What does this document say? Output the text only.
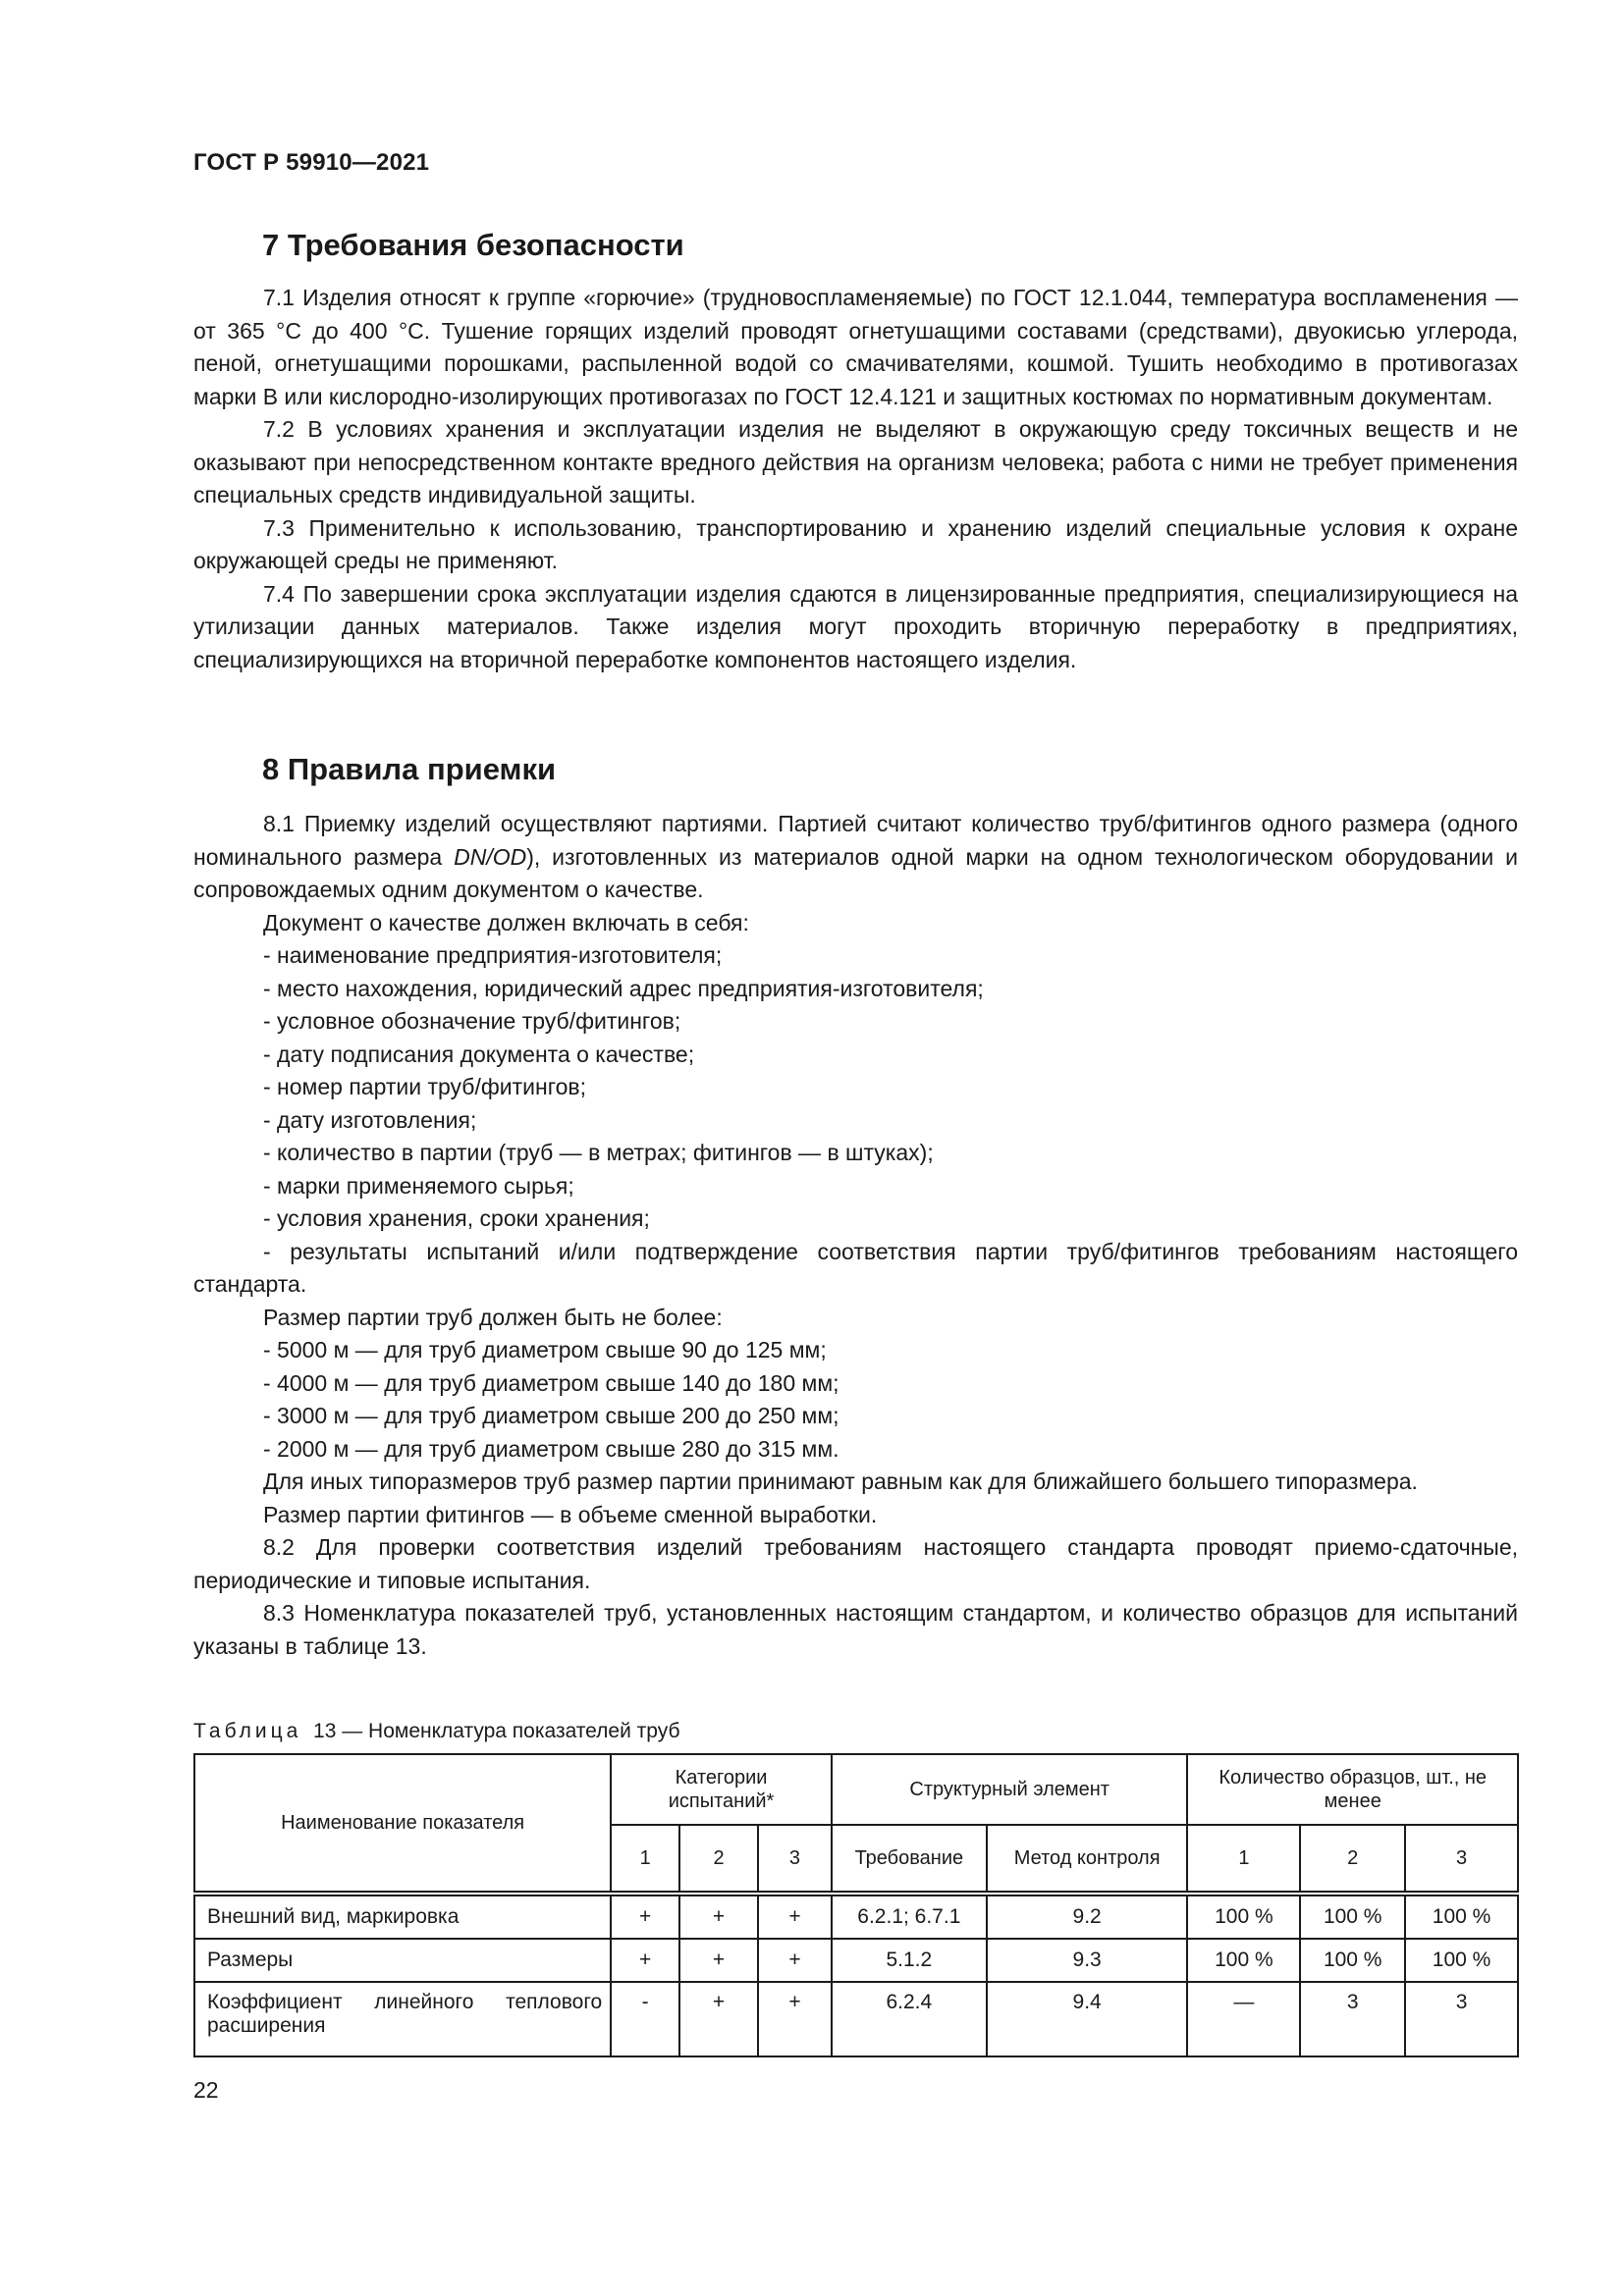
ГОСТ Р 59910—2021
7 Требования безопасности

7.1 Изделия относят к группе «горючие» (трудновоспламеняемые) по ГОСТ 12.1.044, температура воспламенения — от 365 °С до 400 °С. Тушение горящих изделий проводят огнетушащими составами (средствами), двуокисью углерода, пеной, огнетушащими порошками, распыленной водой со смачивателями, кошмой. Тушить необходимо в противогазах марки В или кислородно-изолирующих противогазах по ГОСТ 12.4.121 и защитных костюмах по нормативным документам.

7.2 В условиях хранения и эксплуатации изделия не выделяют в окружающую среду токсичных веществ и не оказывают при непосредственном контакте вредного действия на организм человека; работа с ними не требует применения специальных средств индивидуальной защиты.

7.3 Применительно к использованию, транспортированию и хранению изделий специальные условия к охране окружающей среды не применяют.

7.4 По завершении срока эксплуатации изделия сдаются в лицензированные предприятия, специализирующиеся на утилизации данных материалов. Также изделия могут проходить вторичную переработку в предприятиях, специализирующихся на вторичной переработке компонентов настоящего изделия.

8 Правила приемки

8.1 Приемку изделий осуществляют партиями. Партией считают количество труб/фитингов одного размера (одного номинального размера DN/OD), изготовленных из материалов одной марки на одном технологическом оборудовании и сопровождаемых одним документом о качестве.

Документ о качестве должен включать в себя:

- наименование предприятия-изготовителя;

- место нахождения, юридический адрес предприятия-изготовителя;

- условное обозначение труб/фитингов;

- дату подписания документа о качестве;

- номер партии труб/фитингов;

- дату изготовления;

- количество в партии (труб — в метрах; фитингов — в штуках);

- марки применяемого сырья;

- условия хранения, сроки хранения;

- результаты испытаний и/или подтверждение соответствия партии труб/фитингов требованиям настоящего стандарта.

Размер партии труб должен быть не более:

- 5000 м — для труб диаметром свыше 90 до 125 мм;

- 4000 м — для труб диаметром свыше 140 до 180 мм;

- 3000 м — для труб диаметром свыше 200 до 250 мм;

- 2000 м — для труб диаметром свыше 280 до 315 мм.

Для иных типоразмеров труб размер партии принимают равным как для ближайшего большего типоразмера.

Размер партии фитингов — в объеме сменной выработки.

8.2 Для проверки соответствия изделий требованиям настоящего стандарта проводят приемо-сдаточные, периодические и типовые испытания.

8.3 Номенклатура показателей труб, установленных настоящим стандартом, и количество образцов для испытаний указаны в таблице 13.

Таблица 13 — Номенклатура показателей труб
Наименование показателя	Категории испытаний*			Структурный элемент		Количество образцов, шт., не менее		
	1	2	3	Требование	Метод контроля	1	2	3
Внешний вид, маркировка	+	+	+	6.2.1; 6.7.1	9.2	100 %	100 %	100 %
Размеры	+	+	+	5.1.2	9.3	100 %	100 %	100 %
Коэффициент линейного теплового расширения	-	+	+	6.2.4	9.4	—	3	3
22
